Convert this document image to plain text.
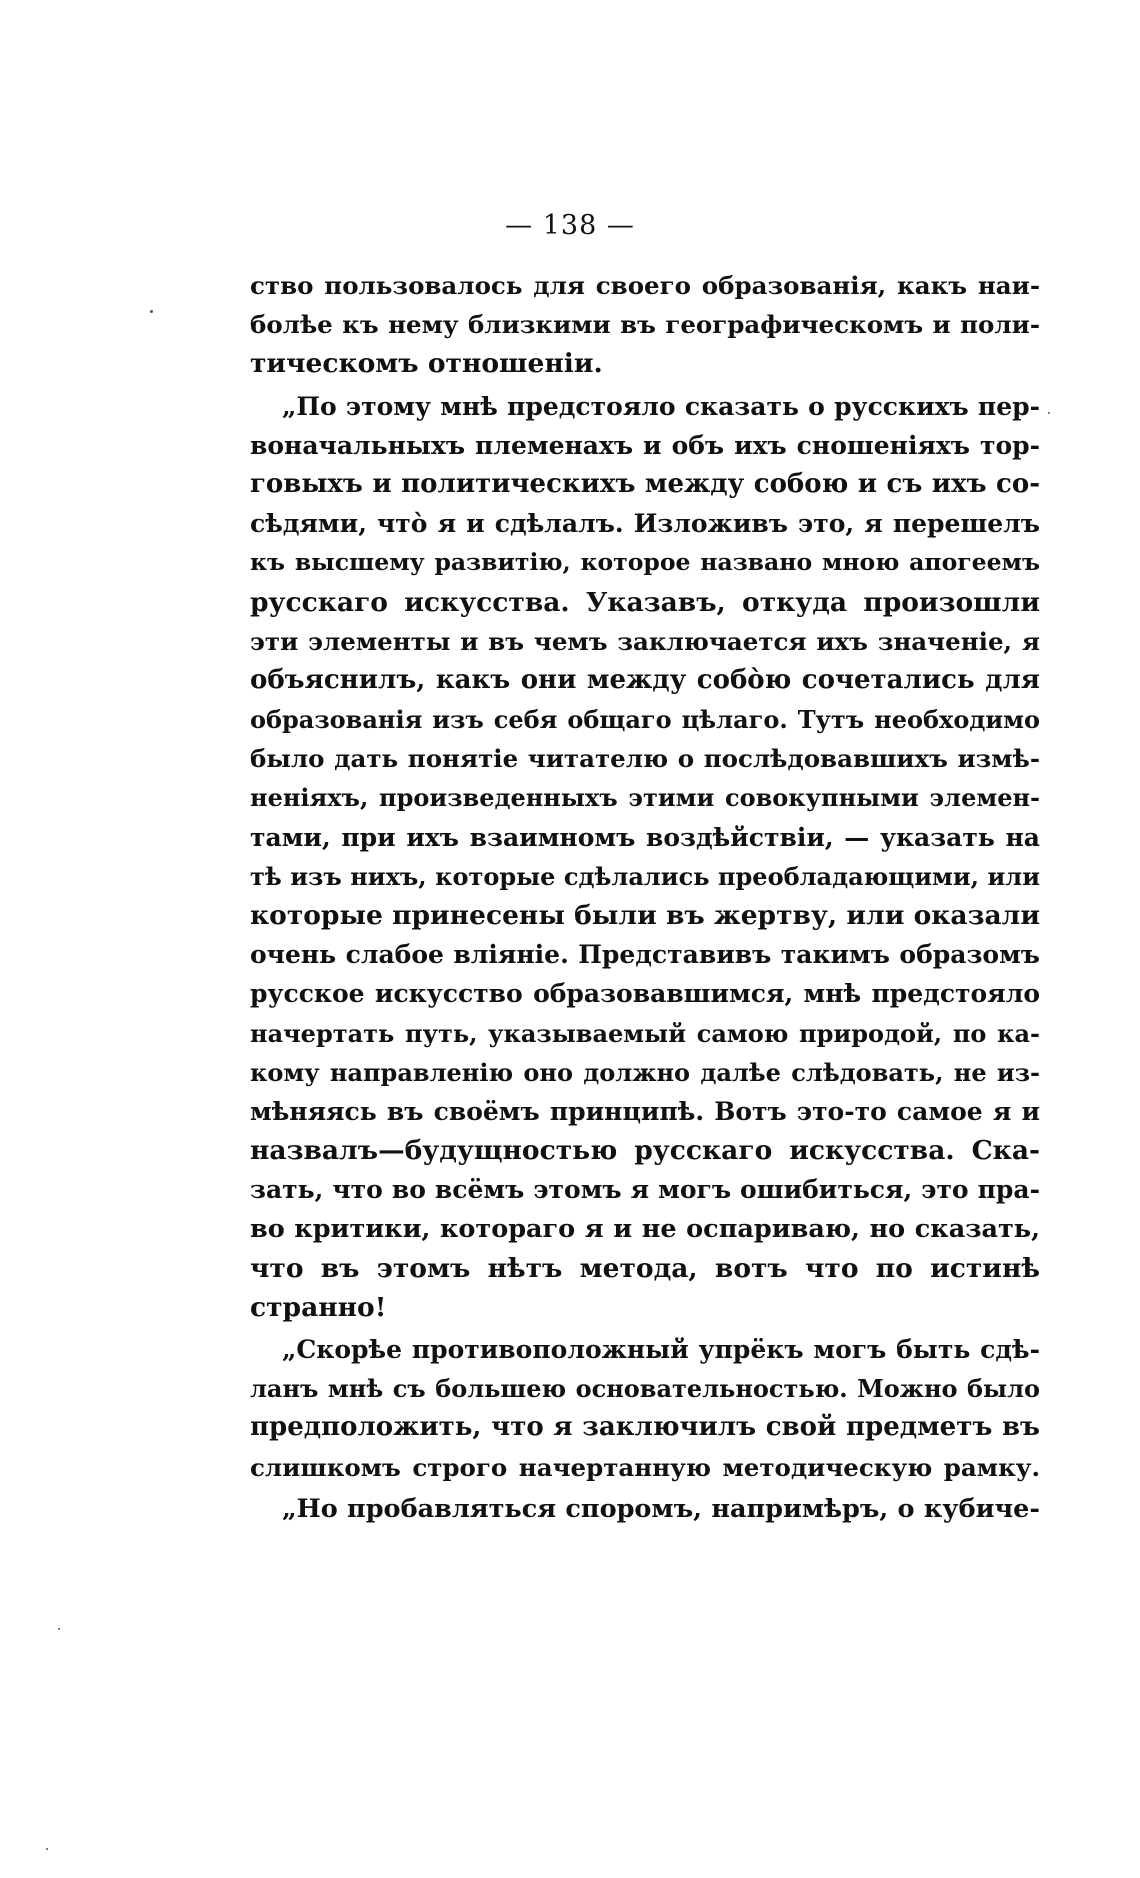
— 138 —
ство пользовалось для своего образованія, какъ наи-
болѣе къ нему близкими въ географическомъ и поли-
тическомъ отношеніи.
„По этому мнѣ предстояло сказать о русскихъ пер-
воначальныхъ племенахъ и объ ихъ сношеніяхъ тор-
говыхъ и политическихъ между собою и съ ихъ со-
сѣдями, что̀ я и сдѣлалъ. Изложивъ это, я перешелъ
къ высшему развитію, которое названо мною апогеемъ
русскаго искусства. Указавъ, откуда произошли
эти элементы и въ чемъ заключается ихъ значеніе, я
объяснилъ, какъ они между собо̀ю сочетались для
образованія изъ себя общаго цѣлаго. Тутъ необходимо
было дать понятіе читателю о послѣдовавшихъ измѣ-
неніяхъ, произведенныхъ этими совокупными элемен-
тами, при ихъ взаимномъ воздѣйствіи, — указать на
тѣ изъ нихъ, которые сдѣлались преобладающими, или
которые принесены были въ жертву, или оказали
очень слабое вліяніе. Представивъ такимъ образомъ
русское искусство образовавшимся, мнѣ предстояло
начертать путь, указываемый самою природой, по ка-
кому направленію оно должно далѣе слѣдовать, не из-
мѣняясь въ своёмъ принципѣ. Вотъ это-то самое я и
назвалъ—будущностью русскаго искусства. Ска-
зать, что во всёмъ этомъ я могъ ошибиться, это пра-
во критики, котораго я и не оспариваю, но сказать,
что въ этомъ нѣтъ метода, вотъ что по истинѣ
странно!
„Скорѣе противоположный упрёкъ могъ быть сдѣ-
ланъ мнѣ съ большею основательностью. Можно было
предположить, что я заключилъ свой предметъ въ
слишкомъ строго начертанную методическую рамку.
„Но пробавляться споромъ, напримѣръ, о кубиче-
